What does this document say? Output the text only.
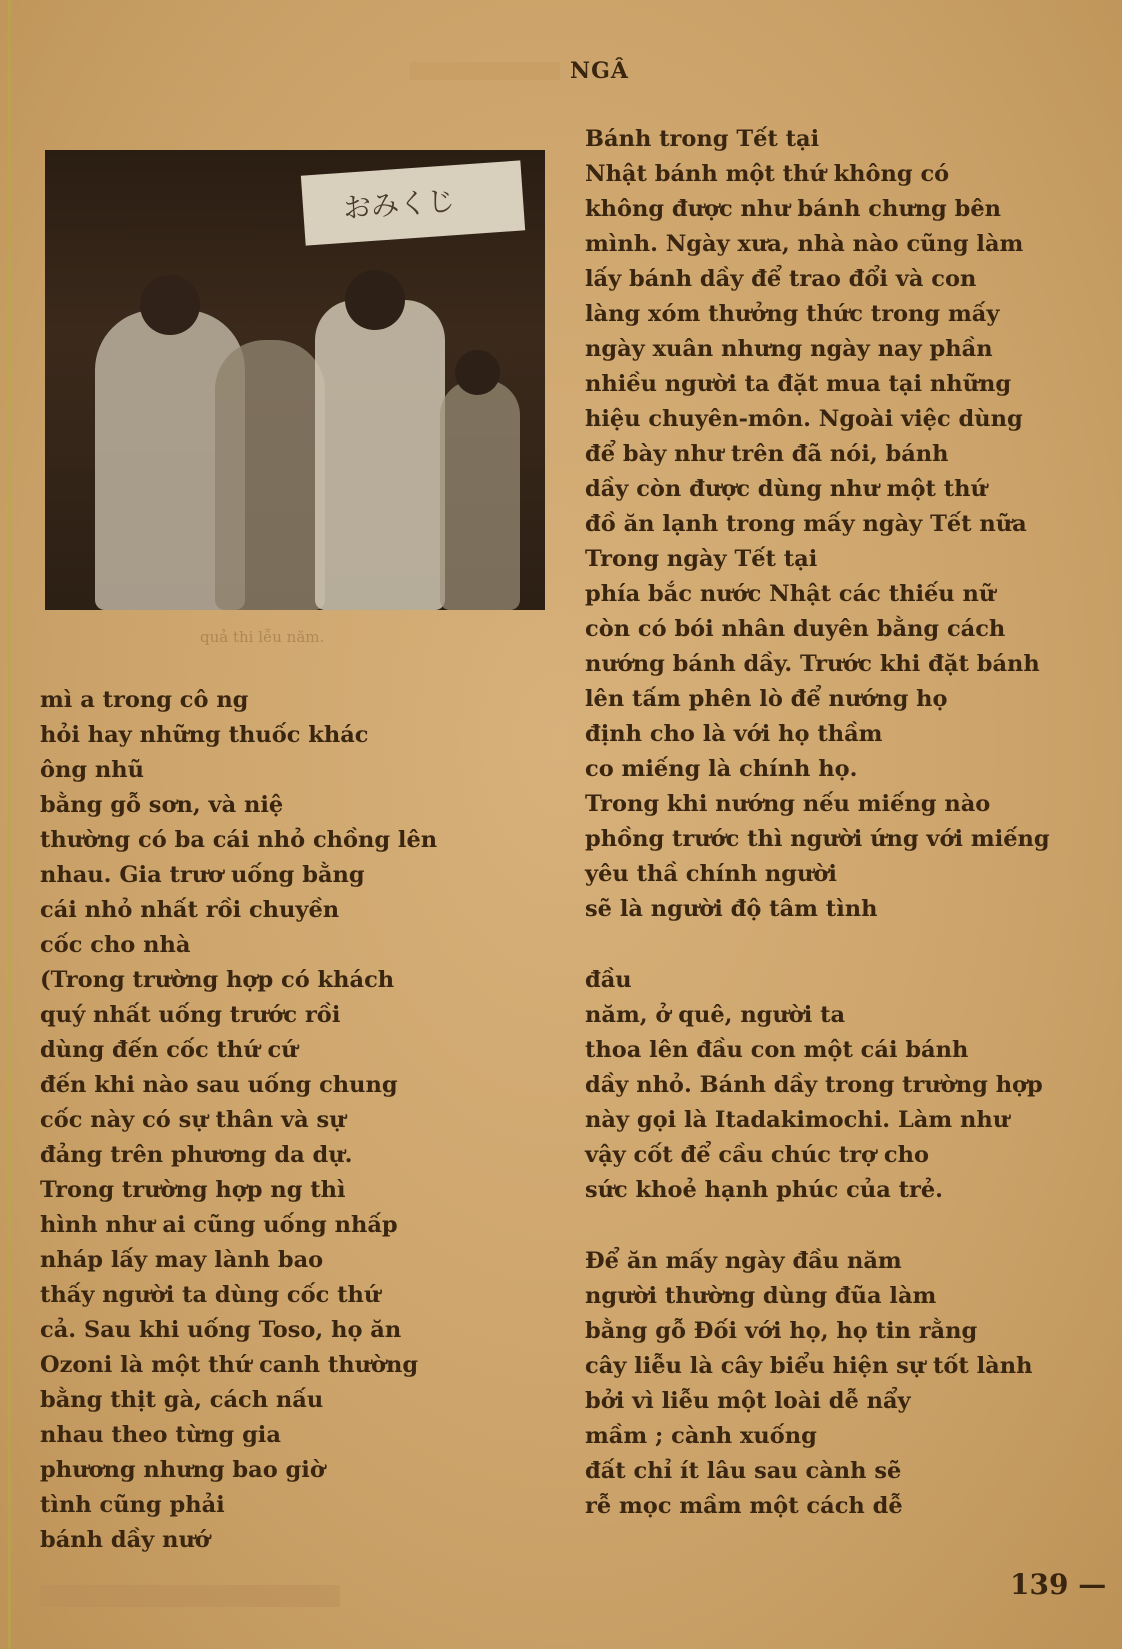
NGÂ
おみくじ
quả thi lễu năm.

mì a trong cô ng

hỏi hay những thuốc khác

ông nhũ

bằng gỗ sơn, và niệ

thường có ba cái nhỏ chồng lên

nhau. Gia trươ uống bằng

cái nhỏ nhất rồi chuyền

cốc cho nhà

(Trong trường hợp có khách

quý nhất uống trước rồi

dùng đến cốc thứ cứ

đến khi nào sau uống chung

cốc này có sự thân và sự

đảng trên phương da dự.

Trong trường hợp ng thì

hình như ai cũng uống nhấp

nháp lấy may lành bao

thấy người ta dùng cốc thứ

cả. Sau khi uống Toso, họ ăn

Ozoni là một thứ canh thường

bằng thịt gà, cách nấu

nhau theo từng gia

phương nhưng bao giờ

tình cũng phải

bánh dầy nướ

Bánh trong Tết tại

Nhật bánh một thứ không có

không được như bánh chưng bên

mình. Ngày xưa, nhà nào cũng làm

lấy bánh dầy để trao đổi và con

làng xóm thưởng thức trong mấy

ngày xuân nhưng ngày nay phần

nhiều người ta đặt mua tại những

hiệu chuyên-môn. Ngoài việc dùng

để bày như trên đã nói, bánh

dầy còn được dùng như một thứ

đồ ăn lạnh trong mấy ngày Tết nữa

Trong ngày Tết tại

phía bắc nước Nhật các thiếu nữ

còn có bói nhân duyên bằng cách

nướng bánh dầy. Trước khi đặt bánh

lên tấm phên lò để nướng họ

định cho là với họ thầm

co miếng là chính họ.

Trong khi nướng nếu miếng nào

phồng trước thì người ứng với miếng

yêu thầ chính người

sẽ là người độ tâm tình

đầu

năm, ở quê, người ta

thoa lên đầu con một cái bánh

dầy nhỏ. Bánh dầy trong trường hợp

này gọi là Itadakimochi. Làm như

vậy cốt để cầu chúc trợ cho

sức khoẻ hạnh phúc của trẻ.

Để ăn mấy ngày đầu năm

người thường dùng đũa làm

bằng gỗ Đối với họ, họ tin rằng

cây liễu là cây biểu hiện sự tốt lành

bởi vì liễu một loài dễ nẩy

mầm ; cành xuống

đất chỉ ít lâu sau cành sẽ

rễ mọc mầm một cách dễ

139 —
